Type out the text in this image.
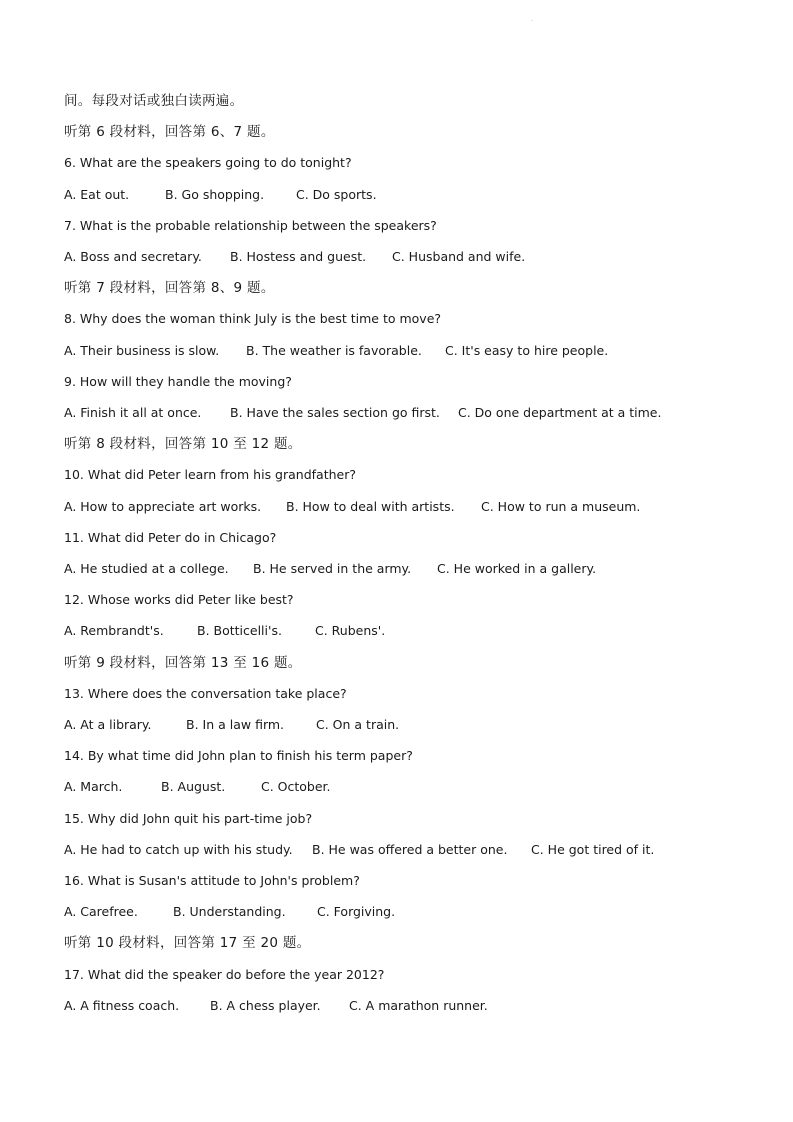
.
间。每段对话或独白读两遍。
听第 6 段材料，回答第 6、7 题。
6. What are the speakers going to do tonight?
A. Eat out.	B. Go shopping.	C. Do sports.
7. What is the probable relationship between the speakers?
A. Boss and secretary. B. Hostess and guest. C. Husband and wife.
听第 7 段材料，回答第 8、9 题。
8. Why does the woman think July is the best time to move?
A. Their business is slow. B. The weather is favorable. C. It's easy to hire people.
9. How will they handle the moving?
A. Finish it all at once. B. Have the sales section go first. C. Do one department at a time.
听第 8 段材料，回答第 10 至 12 题。
10. What did Peter learn from his grandfather?
A. How to appreciate art works. B. How to deal with artists. C. How to run a museum.
11. What did Peter do in Chicago?
A. He studied at a college. B. He served in the army. C. He worked in a gallery.
12. Whose works did Peter like best?
A. Rembrandt's.	B. Botticelli's.	C. Rubens'.
听第 9 段材料，回答第 13 至 16 题。
13. Where does the conversation take place?
A. At a library.	B. In a law firm.	C. On a train.
14. By what time did John plan to finish his term paper?
A. March.	B. August.	C. October.
15. Why did John quit his part-time job?
A. He had to catch up with his study. B. He was offered a better one. C. He got tired of it.
16. What is Susan's attitude to John's problem?
A. Carefree.	B. Understanding.	C. Forgiving.
听第 10 段材料，回答第 17 至 20 题。
17. What did the speaker do before the year 2012?
A. A fitness coach. B. A chess player. C. A marathon runner.
